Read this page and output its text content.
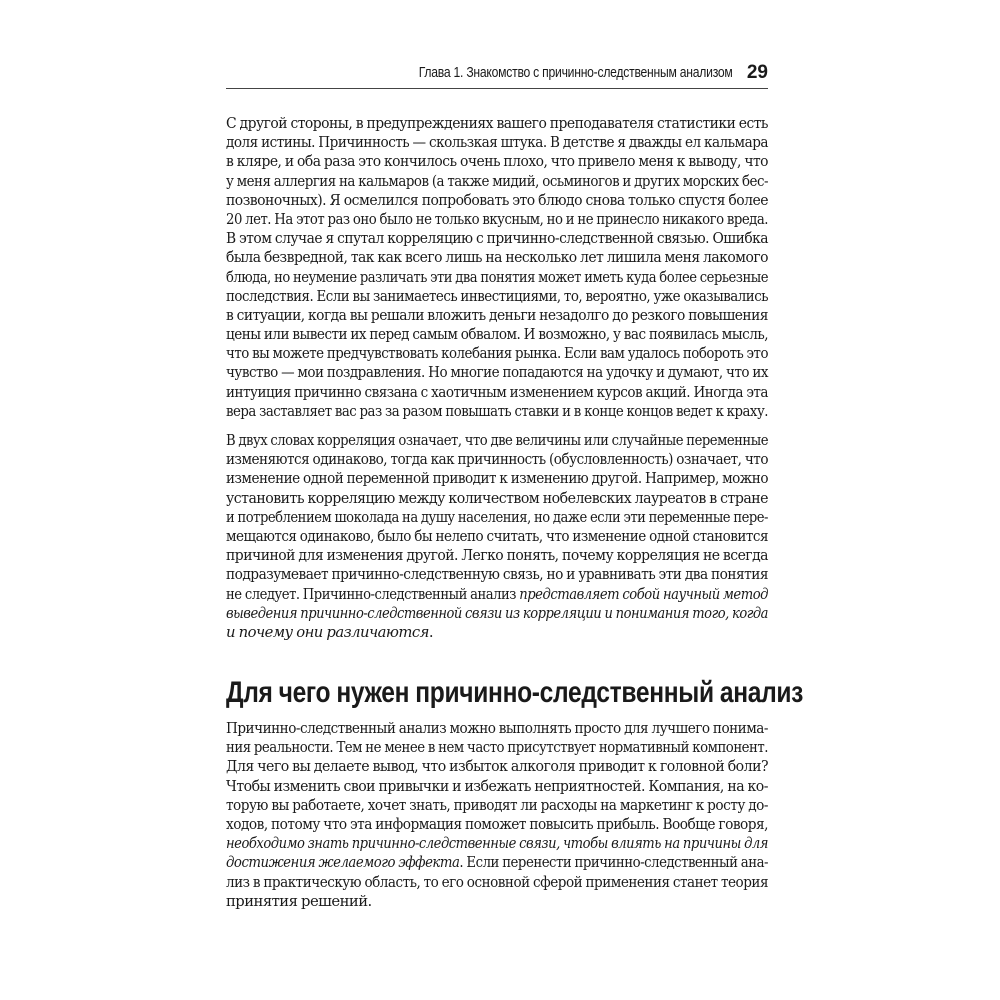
Глава 1. Знакомство с причинно-следственным анализом 29
С другой стороны, в предупреждениях вашего преподавателя статистики есть
доля истины. Причинность — скользкая штука. В детстве я дважды ел кальмара
в кляре, и оба раза это кончилось очень плохо, что привело меня к выводу, что
у меня аллергия на кальмаров (а также мидий, осьминогов и других морских бес-
позвоночных). Я осмелился попробовать это блюдо снова только спустя более
20 лет. На этот раз оно было не только вкусным, но и не принесло никакого вреда.
В этом случае я спутал корреляцию с причинно-следственной связью. Ошибка
была безвредной, так как всего лишь на несколько лет лишила меня лакомого
блюда, но неумение различать эти два понятия может иметь куда более серьезные
последствия. Если вы занимаетесь инвестициями, то, вероятно, уже оказывались
в ситуации, когда вы решали вложить деньги незадолго до резкого повышения
цены или вывести их перед самым обвалом. И возможно, у вас появилась мысль,
что вы можете предчувствовать колебания рынка. Если вам удалось побороть это
чувство — мои поздравления. Но многие попадаются на удочку и думают, что их
интуиция причинно связана с хаотичным изменением курсов акций. Иногда эта
вера заставляет вас раз за разом повышать ставки и в конце концов ведет к краху.
В двух словах корреляция означает, что две величины или случайные переменные
изменяются одинаково, тогда как причинность (обусловленность) означает, что
изменение одной переменной приводит к изменению другой. Например, можно
установить корреляцию между количеством нобелевских лауреатов в стране
и потреблением шоколада на душу населения, но даже если эти переменные пере-
мещаются одинаково, было бы нелепо считать, что изменение одной становится
причиной для изменения другой. Легко понять, почему корреляция не всегда
подразумевает причинно-следственную связь, но и уравнивать эти два понятия
не следует. Причинно-следственный анализ представляет собой научный метод
выведения причинно-следственной связи из корреляции и понимания того, когда
и почему они различаются.
Для чего нужен причинно-следственный анализ
Причинно-следственный анализ можно выполнять просто для лучшего понима-
ния реальности. Тем не менее в нем часто присутствует нормативный компонент.
Для чего вы делаете вывод, что избыток алкоголя приводит к головной боли?
Чтобы изменить свои привычки и избежать неприятностей. Компания, на ко-
торую вы работаете, хочет знать, приводят ли расходы на маркетинг к росту до-
ходов, потому что эта информация поможет повысить прибыль. Вообще говоря,
необходимо знать причинно-следственные связи, чтобы влиять на причины для
достижения желаемого эффекта. Если перенести причинно-следственный ана-
лиз в практическую область, то его основной сферой применения станет теория
принятия решений.
